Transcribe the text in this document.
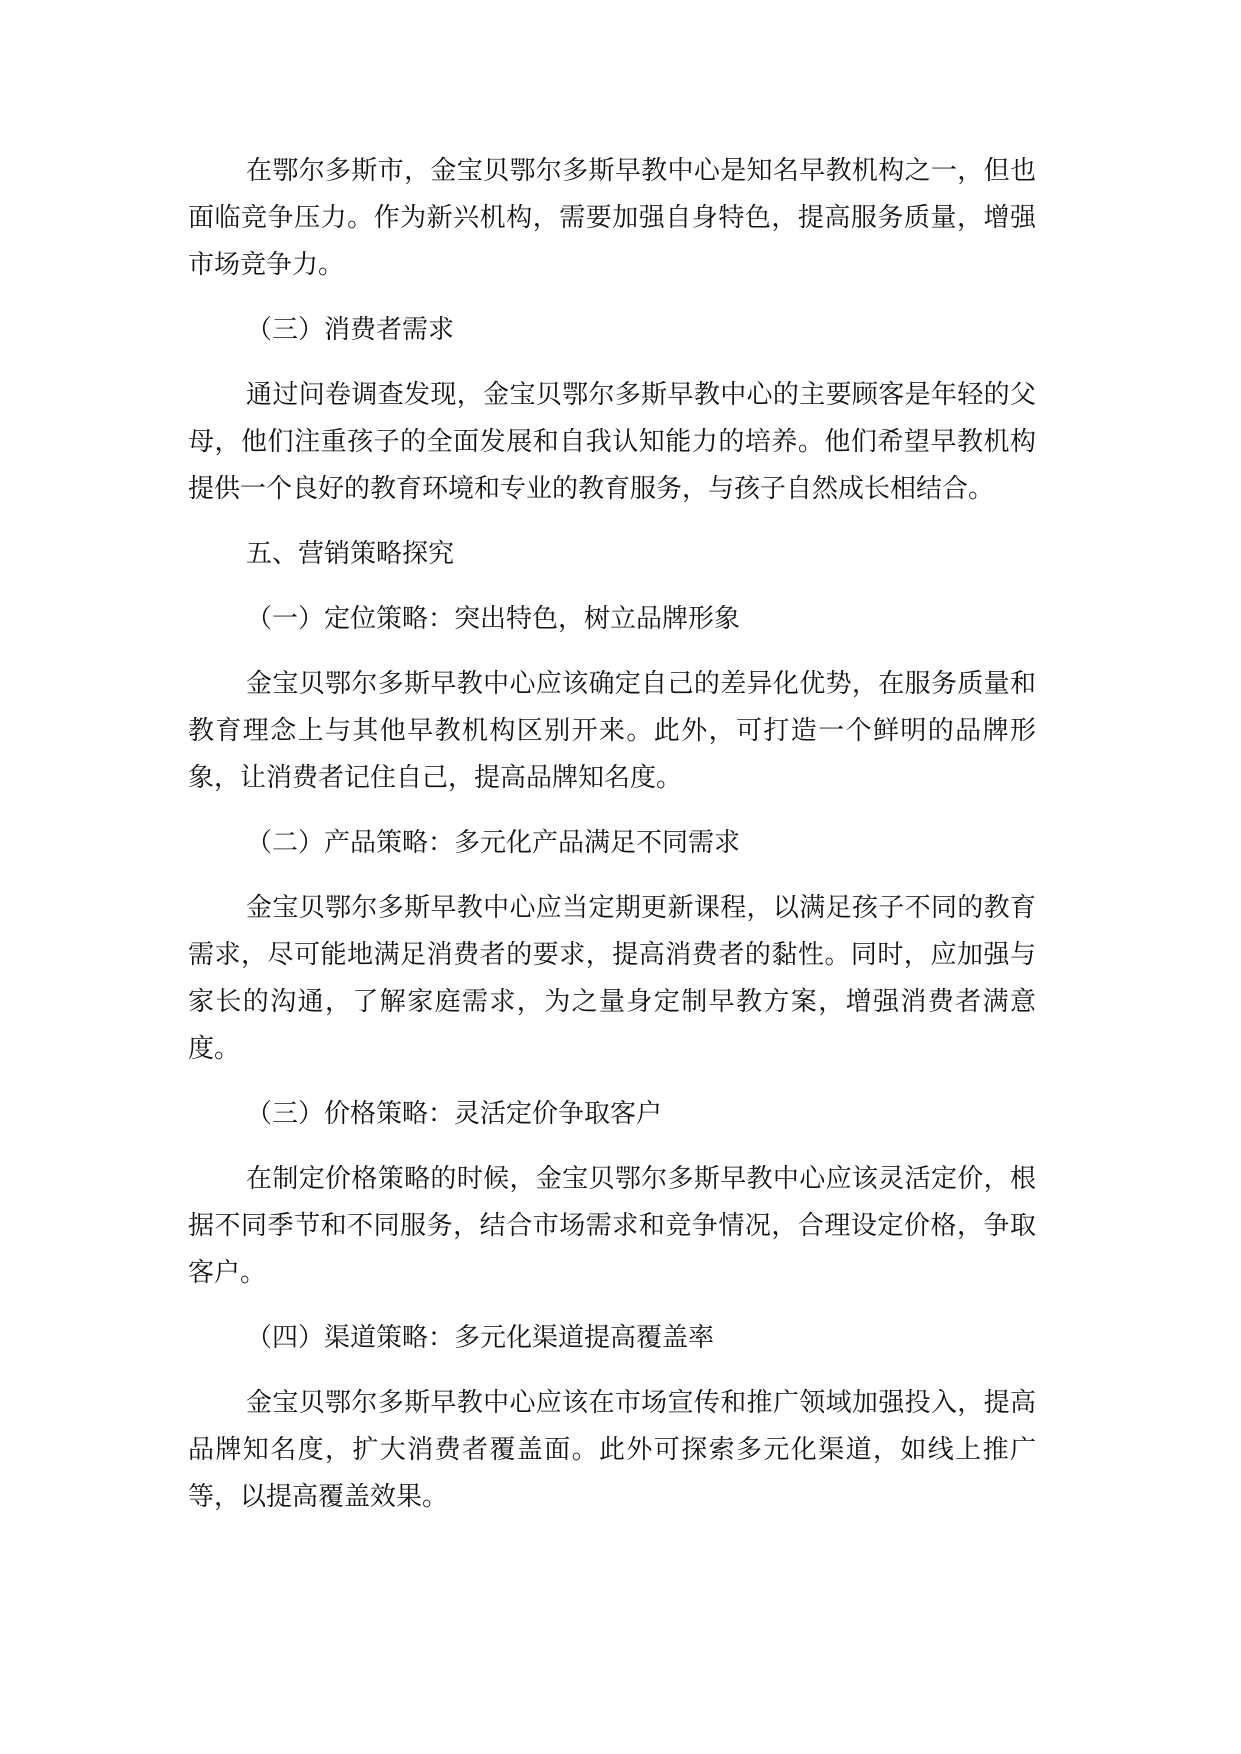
在鄂尔多斯市，金宝贝鄂尔多斯早教中心是知名早教机构之一，但也面临竞争压力。作为新兴机构，需要加强自身特色，提高服务质量，增强市场竞争力。

（三）消费者需求

通过问卷调查发现，金宝贝鄂尔多斯早教中心的主要顾客是年轻的父母，他们注重孩子的全面发展和自我认知能力的培养。他们希望早教机构提供一个良好的教育环境和专业的教育服务，与孩子自然成长相结合。

五、营销策略探究

（一）定位策略：突出特色，树立品牌形象

金宝贝鄂尔多斯早教中心应该确定自己的差异化优势，在服务质量和教育理念上与其他早教机构区别开来。此外，可打造一个鲜明的品牌形象，让消费者记住自己，提高品牌知名度。

（二）产品策略：多元化产品满足不同需求

金宝贝鄂尔多斯早教中心应当定期更新课程，以满足孩子不同的教育需求，尽可能地满足消费者的要求，提高消费者的黏性。同时，应加强与家长的沟通，了解家庭需求，为之量身定制早教方案，增强消费者满意度。

（三）价格策略：灵活定价争取客户

在制定价格策略的时候，金宝贝鄂尔多斯早教中心应该灵活定价，根据不同季节和不同服务，结合市场需求和竞争情况，合理设定价格，争取客户。

（四）渠道策略：多元化渠道提高覆盖率

金宝贝鄂尔多斯早教中心应该在市场宣传和推广领域加强投入，提高品牌知名度，扩大消费者覆盖面。此外可探索多元化渠道，如线上推广等，以提高覆盖效果。
